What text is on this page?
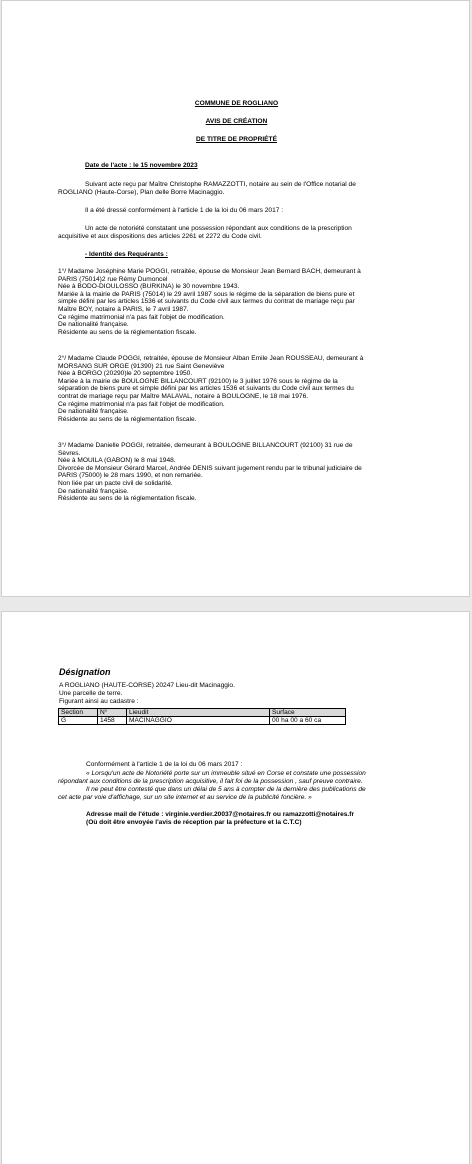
COMMUNE DE ROGLIANO
AVIS DE CRÉATION
DE TITRE DE PROPRIÉTÉ
Date de l'acte : le 15 novembre 2023
Suivant acte reçu par Maître Christophe RAMAZZOTTI, notaire au sein de l'Office notarial de
ROGLIANO (Haute-Corse), Plan delle Borre Macinaggio.
Il a été dressé conformément à l'article 1 de la loi du 06 mars 2017 :
Un acte de notoriété constatant une possession répondant aux conditions de la prescription
acquisitive et aux dispositions des articles 2261 et 2272 du Code civil.
- Identité des Requérants :
1°/ Madame Joséphine Marie POGGI, retraitée, épouse de Monsieur Jean Bernard BACH, demeurant à
PARIS (75014)2 rue Rémy Dumoncel
Née à BODO-DIOULOSSO (BURKINA) le 30 novembre 1943.
Mariée à la mairie de PARIS (75014) le 29 avril 1987 sous le régime de la séparation de biens pure et
simple défini par les articles 1536 et suivants du Code civil aux termes du contrat de mariage reçu par
Maître BOY, notaire à PARIS, le 7 avril 1987.
Ce régime matrimonial n'a pas fait l'objet de modification.
De nationalité française.
Résidente au sens de la réglementation fiscale.
2°/ Madame Claude POGGI, retraitée, épouse de Monsieur Alban Emile Jean ROUSSEAU, demeurant à
MORSANG SUR ORGE (91390) 21 rue Saint Geneviève
Née à BORGO (20290)le 20 septembre 1950.
Mariée à la mairie de BOULOGNE BILLANCOURT (92100) le 3 juillet 1976 sous le régime de la
séparation de biens pure et simple défini par les articles 1536 et suivants du Code civil aux termes du
contrat de mariage reçu par Maître MALAVAL, notaire à BOULOGNE, le 18 mai 1976.
Ce régime matrimonial n'a pas fait l'objet de modification.
De nationalité française.
Résidente au sens de la réglementation fiscale.
3°/ Madame Danielle POGGI, retraitée, demeurant à BOULOGNE BILLANCOURT (92100) 31 rue de
Sèvres.
Née à MOUILA (GABON) le 8 mai 1948.
Divorcée de Monsieur Gérard Marcel, Andrée DENIS suivant jugement rendu par le tribunal judiciaire de
PARIS (75000) le 28 mars 1990, et non remariée.
Non liée par un pacte civil de solidarité.
De nationalité française.
Résidente au sens de la réglementation fiscale.
Désignation
A ROGLIANO (HAUTE-CORSE) 20247 Lieu-dit Macinaggio.
Une parcelle de terre.
Figurant ainsi au cadastre :
Section	N°	Lieudit	Surface
G	1458	MACINAGGIO	00 ha 00 a 60 ca
Conformément à l'article 1 de la loi du 06 mars 2017 :
« Lorsqu'un acte de Notoriété porte sur un immeuble situé en Corse et constate une possession
répondant aux conditions de la prescription acquisitive, il fait foi de la possession , sauf preuve contraire.
Il ne peut être contesté que dans un délai de 5 ans à compter de la dernière des publications de
cet acte par voie d'affichage, sur un site internet et au service de la publicité foncière. »
Adresse mail de l'étude : virginie.verdier.20037@notaires.fr ou ramazzotti@notaires.fr
(Où doit être envoyée l'avis de réception par la préfecture et la C.T.C)
